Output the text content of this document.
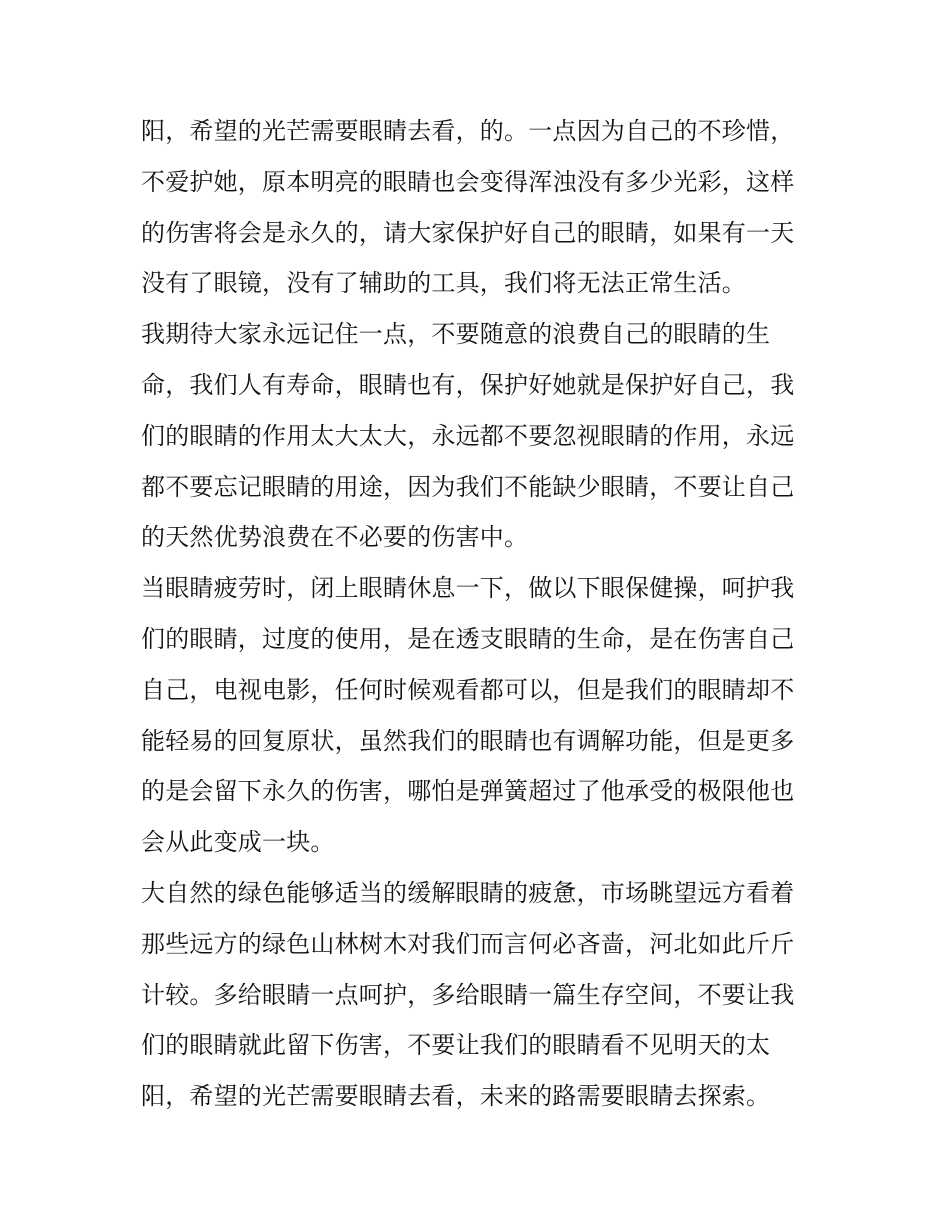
阳，希望的光芒需要眼睛去看，的。一点因为自己的不珍惜，
不爱护她，原本明亮的眼睛也会变得浑浊没有多少光彩，这样
的伤害将会是永久的，请大家保护好自己的眼睛，如果有一天
没有了眼镜，没有了辅助的工具，我们将无法正常生活。
我期待大家永远记住一点，不要随意的浪费自己的眼睛的生
命，我们人有寿命，眼睛也有，保护好她就是保护好自己，我
们的眼睛的作用太大太大，永远都不要忽视眼睛的作用，永远
都不要忘记眼睛的用途，因为我们不能缺少眼睛，不要让自己
的天然优势浪费在不必要的伤害中。
当眼睛疲劳时，闭上眼睛休息一下，做以下眼保健操，呵护我
们的眼睛，过度的使用，是在透支眼睛的生命，是在伤害自己
自己，电视电影，任何时候观看都可以，但是我们的眼睛却不
能轻易的回复原状，虽然我们的眼睛也有调解功能，但是更多
的是会留下永久的伤害，哪怕是弹簧超过了他承受的极限他也
会从此变成一块。
大自然的绿色能够适当的缓解眼睛的疲惫，市场眺望远方看着
那些远方的绿色山林树木对我们而言何必吝啬，河北如此斤斤
计较。多给眼睛一点呵护，多给眼睛一篇生存空间，不要让我
们的眼睛就此留下伤害，不要让我们的眼睛看不见明天的太
阳，希望的光芒需要眼睛去看，未来的路需要眼睛去探索。
